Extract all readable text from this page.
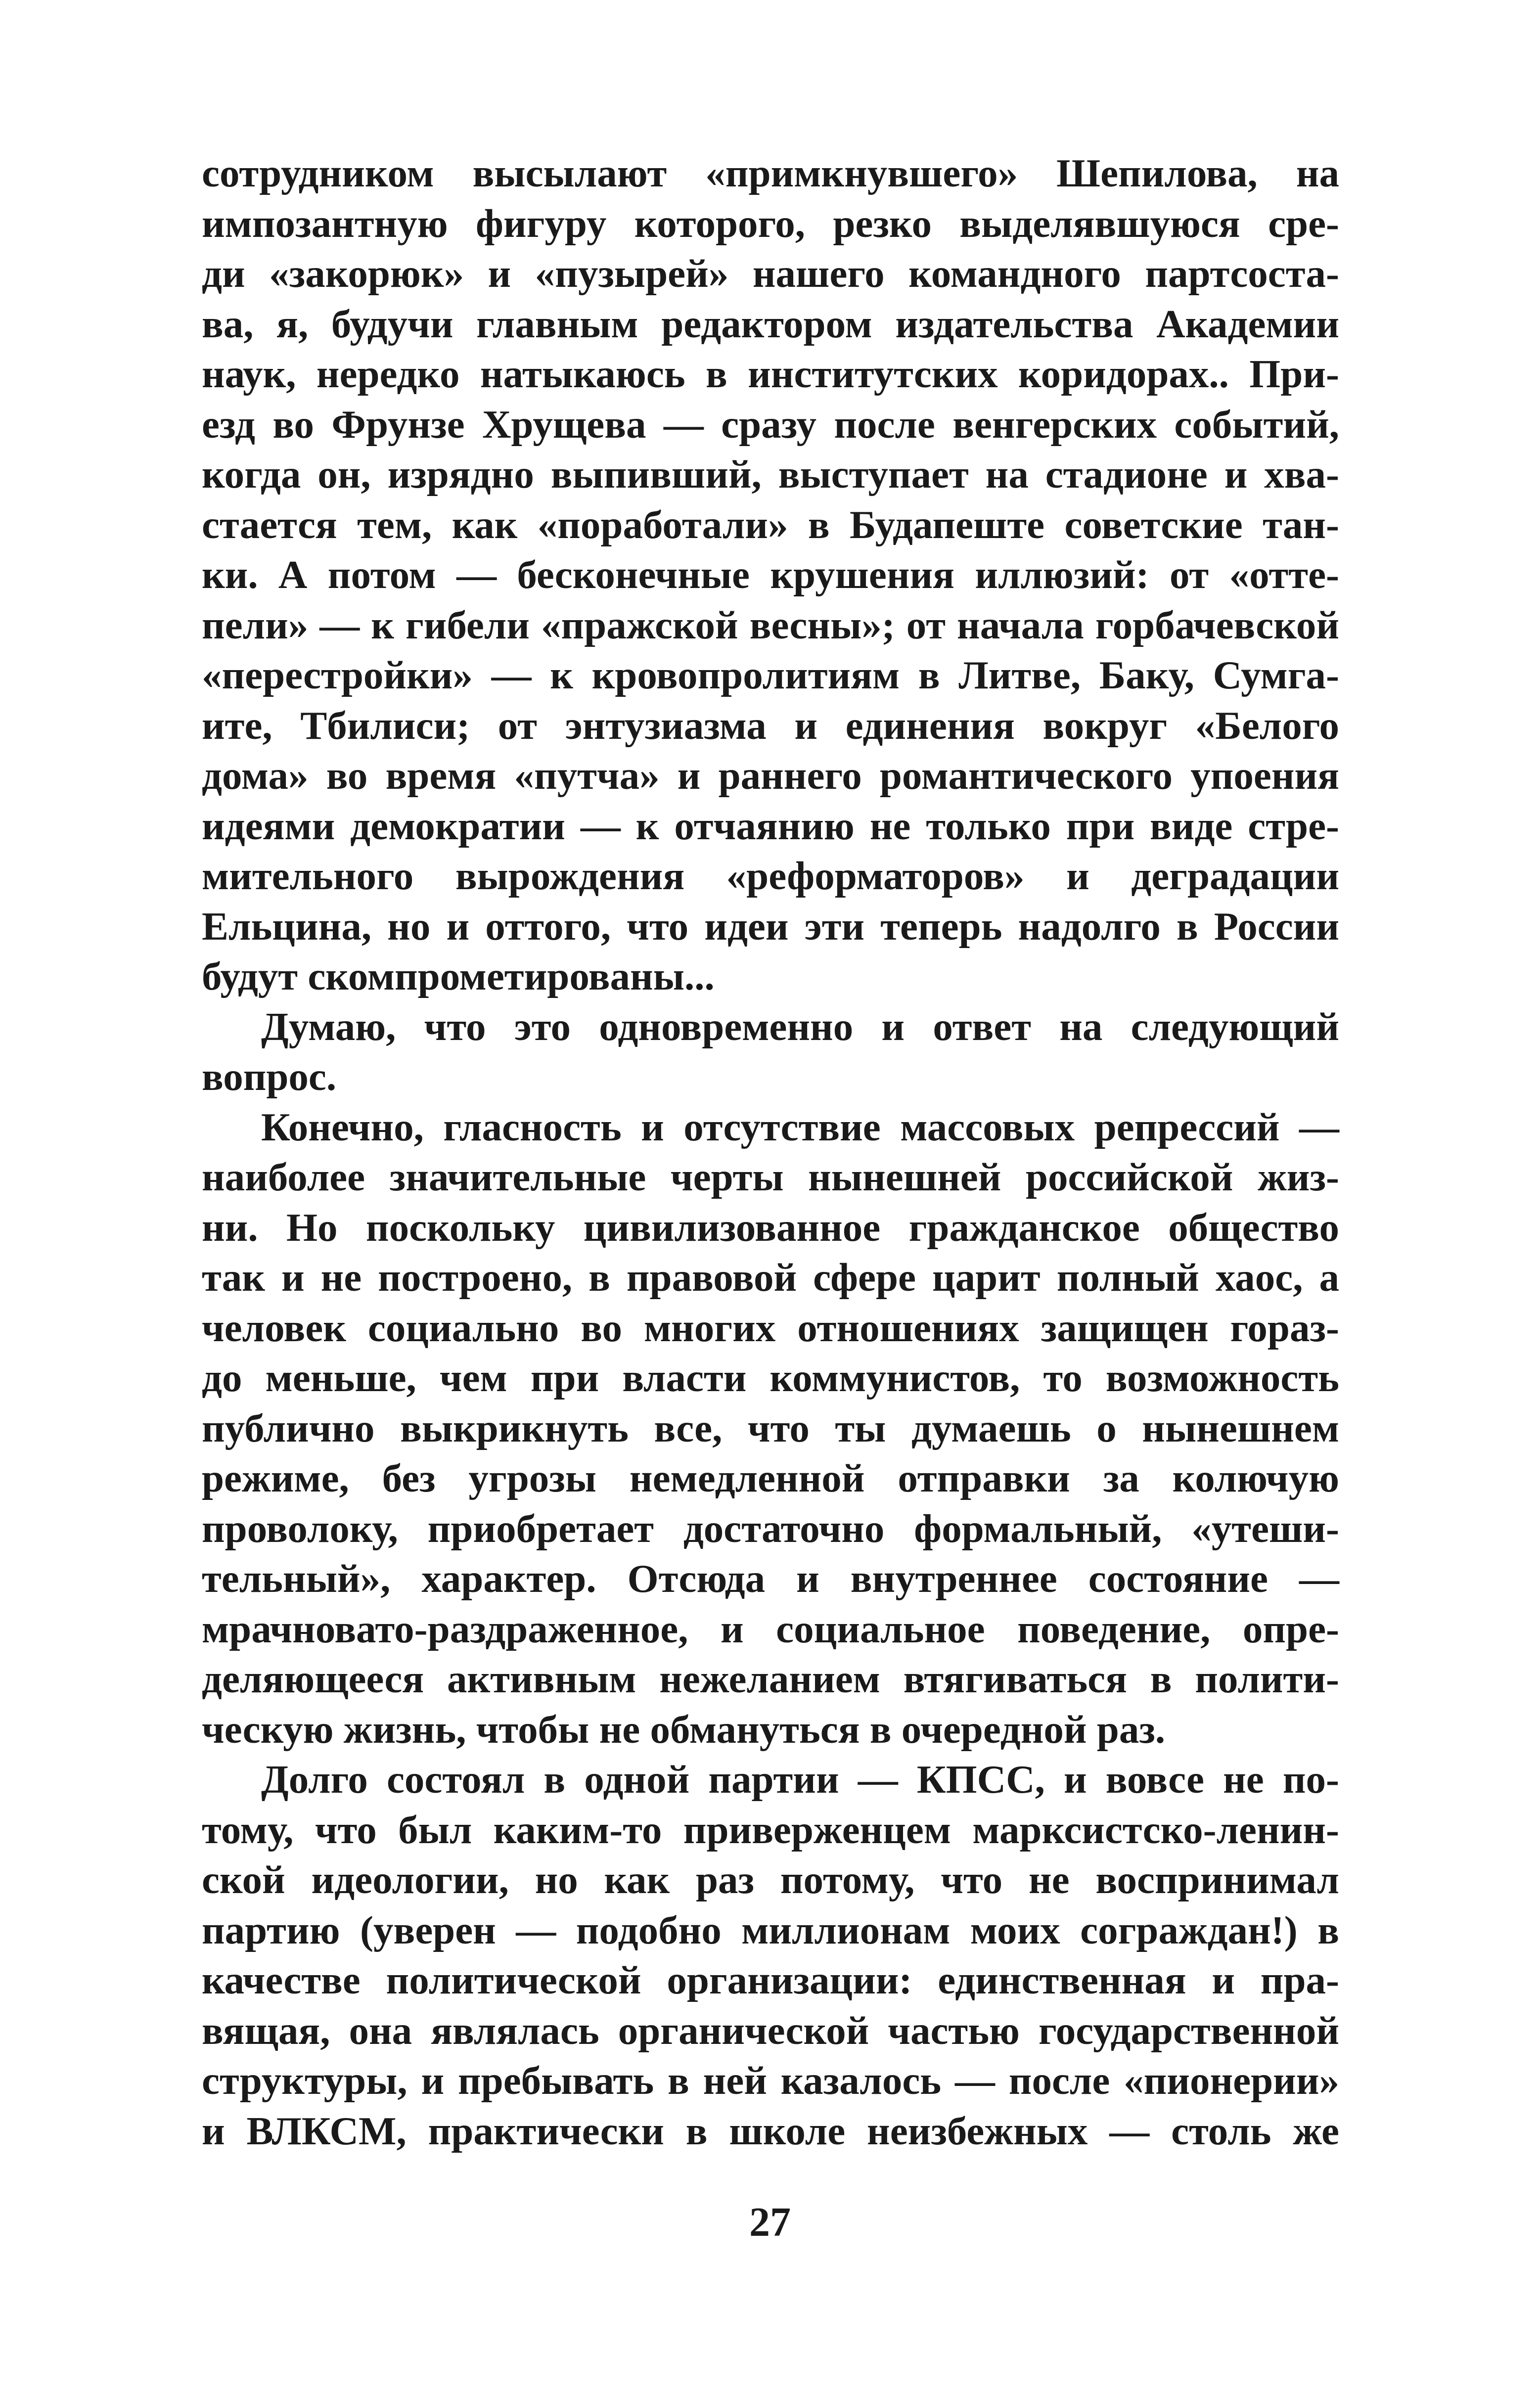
сотрудником высылают «примкнувшего» Шепилова, на
импозантную фигуру которого, резко выделявшуюся сре-
ди «закорюк» и «пузырей» нашего командного партсоста-
ва, я, будучи главным редактором издательства Академии
наук, нередко натыкаюсь в институтских коридорах.. При-
езд во Фрунзе Хрущева — сразу после венгерских событий,
когда он, изрядно выпивший, выступает на стадионе и хва-
стается тем, как «поработали» в Будапеште советские тан-
ки. А потом — бесконечные крушения иллюзий: от «отте-
пели» — к гибели «пражской весны»; от начала горбачевской
«перестройки» — к кровопролитиям в Литве, Баку, Сумга-
ите, Тбилиси; от энтузиазма и единения вокруг «Белого
дома» во время «путча» и раннего романтического упоения
идеями демократии — к отчаянию не только при виде стре-
мительного вырождения «реформаторов» и деградации
Ельцина, но и оттого, что идеи эти теперь надолго в России
будут скомпрометированы...
Думаю, что это одновременно и ответ на следующий
вопрос.
Конечно, гласность и отсутствие массовых репрессий —
наиболее значительные черты нынешней российской жиз-
ни. Но поскольку цивилизованное гражданское общество
так и не построено, в правовой сфере царит полный хаос, а
человек социально во многих отношениях защищен гораз-
до меньше, чем при власти коммунистов, то возможность
публично выкрикнуть все, что ты думаешь о нынешнем
режиме, без угрозы немедленной отправки за колючую
проволоку, приобретает достаточно формальный, «утеши-
тельный», характер. Отсюда и внутреннее состояние —
мрачновато-раздраженное, и социальное поведение, опре-
деляющееся активным нежеланием втягиваться в полити-
ческую жизнь, чтобы не обмануться в очередной раз.
Долго состоял в одной партии — КПСС, и вовсе не по-
тому, что был каким-то приверженцем марксистско-ленин-
ской идеологии, но как раз потому, что не воспринимал
партию (уверен — подобно миллионам моих сограждан!) в
качестве политической организации: единственная и пра-
вящая, она являлась органической частью государственной
структуры, и пребывать в ней казалось — после «пионерии»
и ВЛКСМ, практически в школе неизбежных — столь же
27
